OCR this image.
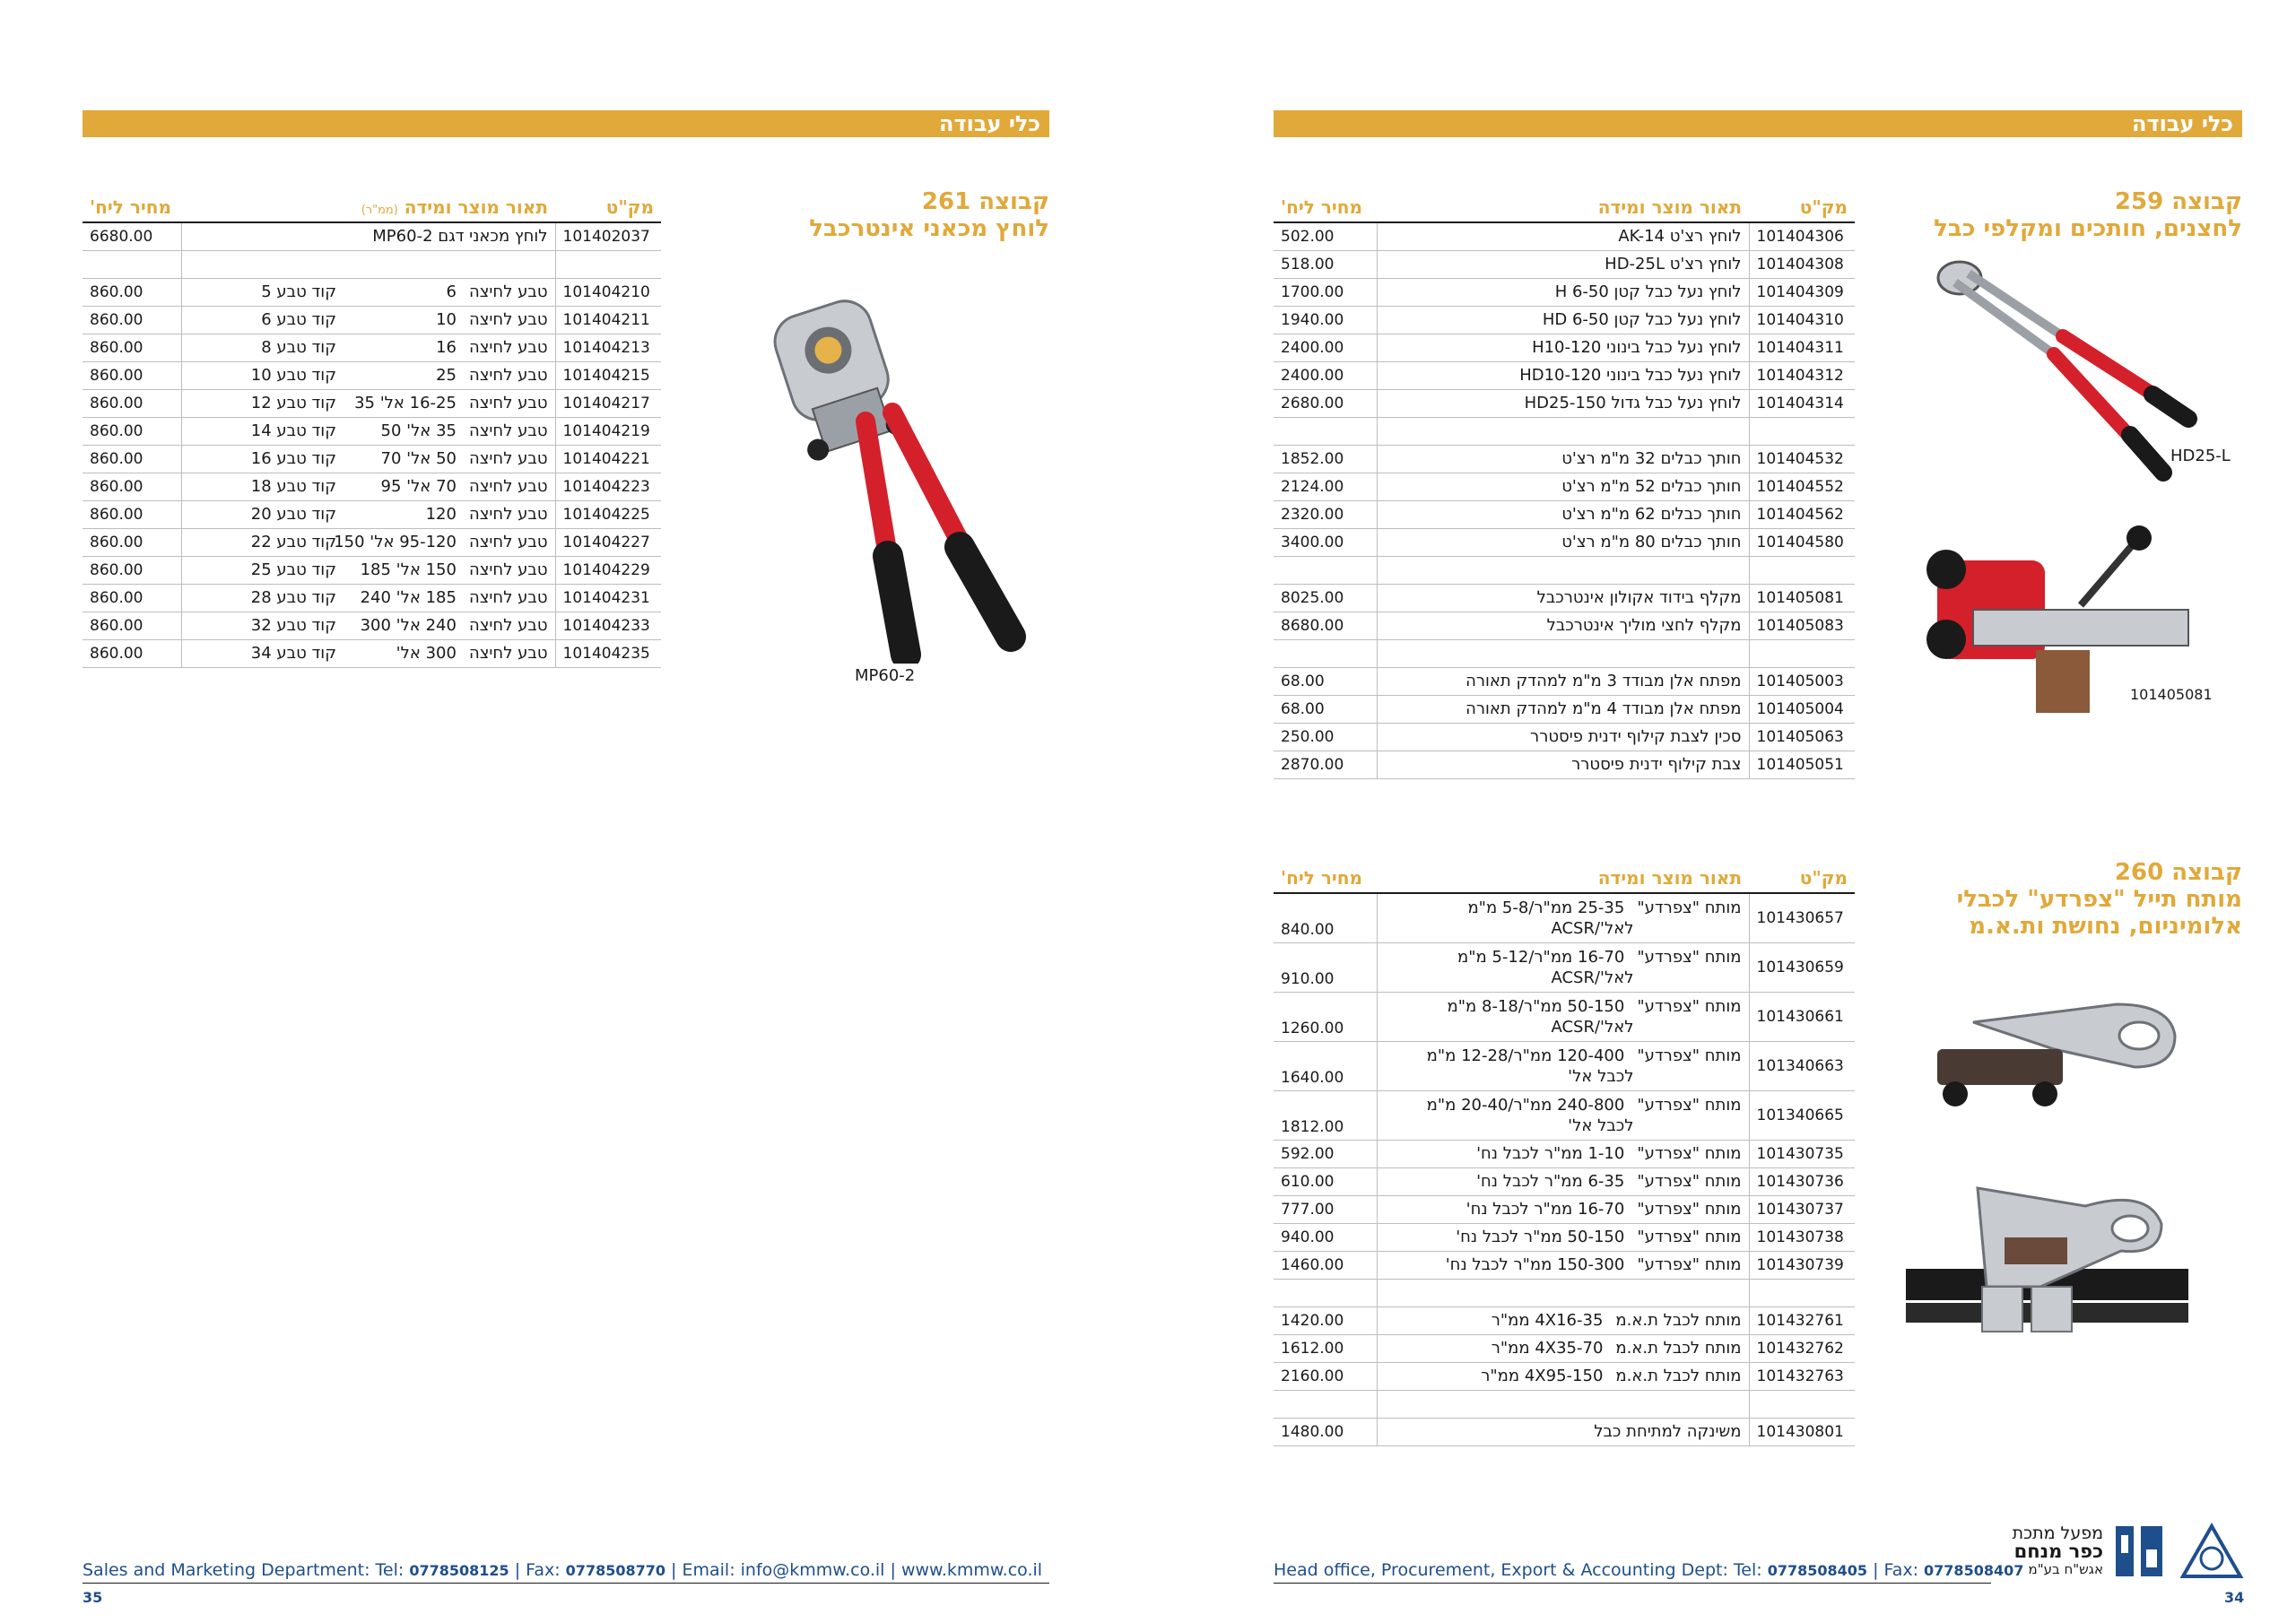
כלי עבודה
קבוצה 261
לוחץ מכאני אינטרכבל
מק"ט	תאור מוצר ומידה (ממ"ר)	מחיר ליח'
101402037	לוחץ מכאני דגם MP60-2	6680.00

101404210	טבע לחיצה6קוד טבע 5	860.00
101404211	טבע לחיצה10קוד טבע 6	860.00
101404213	טבע לחיצה16קוד טבע 8	860.00
101404215	טבע לחיצה25קוד טבע 10	860.00
101404217	טבע לחיצה16-25 אל' 35קוד טבע 12	860.00
101404219	טבע לחיצה35 אל' 50קוד טבע 14	860.00
101404221	טבע לחיצה50 אל' 70קוד טבע 16	860.00
101404223	טבע לחיצה70 אל' 95קוד טבע 18	860.00
101404225	טבע לחיצה120קוד טבע 20	860.00
101404227	טבע לחיצה95-120 אל' 150קוד טבע 22	860.00
101404229	טבע לחיצה150 אל' 185קוד טבע 25	860.00
101404231	טבע לחיצה185 אל' 240קוד טבע 28	860.00
101404233	טבע לחיצה240 אל' 300קוד טבע 32	860.00
101404235	טבע לחיצה300 אל'קוד טבע 34	860.00
MP60-2
Sales and Marketing Department: Tel: 0778508125 | Fax: 0778508770 | Email: info@kmmw.co.il | www.kmmw.co.il
35
כלי עבודה
קבוצה 259
לחצנים, חותכים ומקלפי כבל
מק"ט	תאור מוצר ומידה	מחיר ליח'
101404306	לוחץ רצ'ט AK-14	502.00
101404308	לוחץ רצ'ט HD-25L	518.00
101404309	לוחץ נעל כבל קטן H 6-50	1700.00
101404310	לוחץ נעל כבל קטן HD 6-50	1940.00
101404311	לוחץ נעל כבל בינוני H10-120	2400.00
101404312	לוחץ נעל כבל בינוני HD10-120	2400.00
101404314	לוחץ נעל כבל גדול HD25-150	2680.00

101404532	חותך כבלים 32 מ"מ רצ'ט	1852.00
101404552	חותך כבלים 52 מ"מ רצ'ט	2124.00
101404562	חותך כבלים 62 מ"מ רצ'ט	2320.00
101404580	חותך כבלים 80 מ"מ רצ'ט	3400.00

101405081	מקלף בידוד אקולון אינטרכבל	8025.00
101405083	מקלף לחצי מוליך אינטרכבל	8680.00

101405003	מפתח אלן מבודד 3 מ"מ למהדק תאורה	68.00
101405004	מפתח אלן מבודד 4 מ"מ למהדק תאורה	68.00
101405063	סכין לצבת קילוף ידנית פיסטרר	250.00
101405051	צבת קילוף ידנית פיסטרר	2870.00
HD25-L
101405081
קבוצה 260
מותח תייל "צפרדע" לכבלי
אלומיניום, נחושת ות.א.מ
מק"ט	תאור מוצר ומידה	מחיר ליח'
101430657	מותח "צפרדע"25-35 ממ"ר/5-8 מ"מ
לאל'/ACSR	840.00
101430659	מותח "צפרדע"16-70 ממ"ר/5-12 מ"מ
לאל'/ACSR	910.00
101430661	מותח "צפרדע"50-150 ממ"ר/8-18 מ"מ
לאל'/ACSR	1260.00
101340663	מותח "צפרדע"120-400 ממ"ר/12-28 מ"מ
לכבל אל'	1640.00
101340665	מותח "צפרדע"240-800 ממ"ר/20-40 מ"מ
לכבל אל'	1812.00
101430735	מותח "צפרדע"1-10 ממ"ר לכבל נח'	592.00
101430736	מותח "צפרדע"6-35 ממ"ר לכבל נח'	610.00
101430737	מותח "צפרדע"16-70 ממ"ר לכבל נח'	777.00
101430738	מותח "צפרדע"50-150 ממ"ר לכבל נח'	940.00
101430739	מותח "צפרדע"150-300 ממ"ר לכבל נח'	1460.00

101432761	מותח לכבל ת.א.מ4X16-35 ממ"ר	1420.00
101432762	מותח לכבל ת.א.מ4X35-70 ממ"ר	1612.00
101432763	מותח לכבל ת.א.מ4X95-150 ממ"ר	2160.00

101430801	משינקה למתיחת כבל	1480.00
מפעל מתכת
כפר מנחם
אגש"ח בע"מ
Head office, Procurement, Export & Accounting Dept: Tel: 0778508405 | Fax: 0778508407
34
